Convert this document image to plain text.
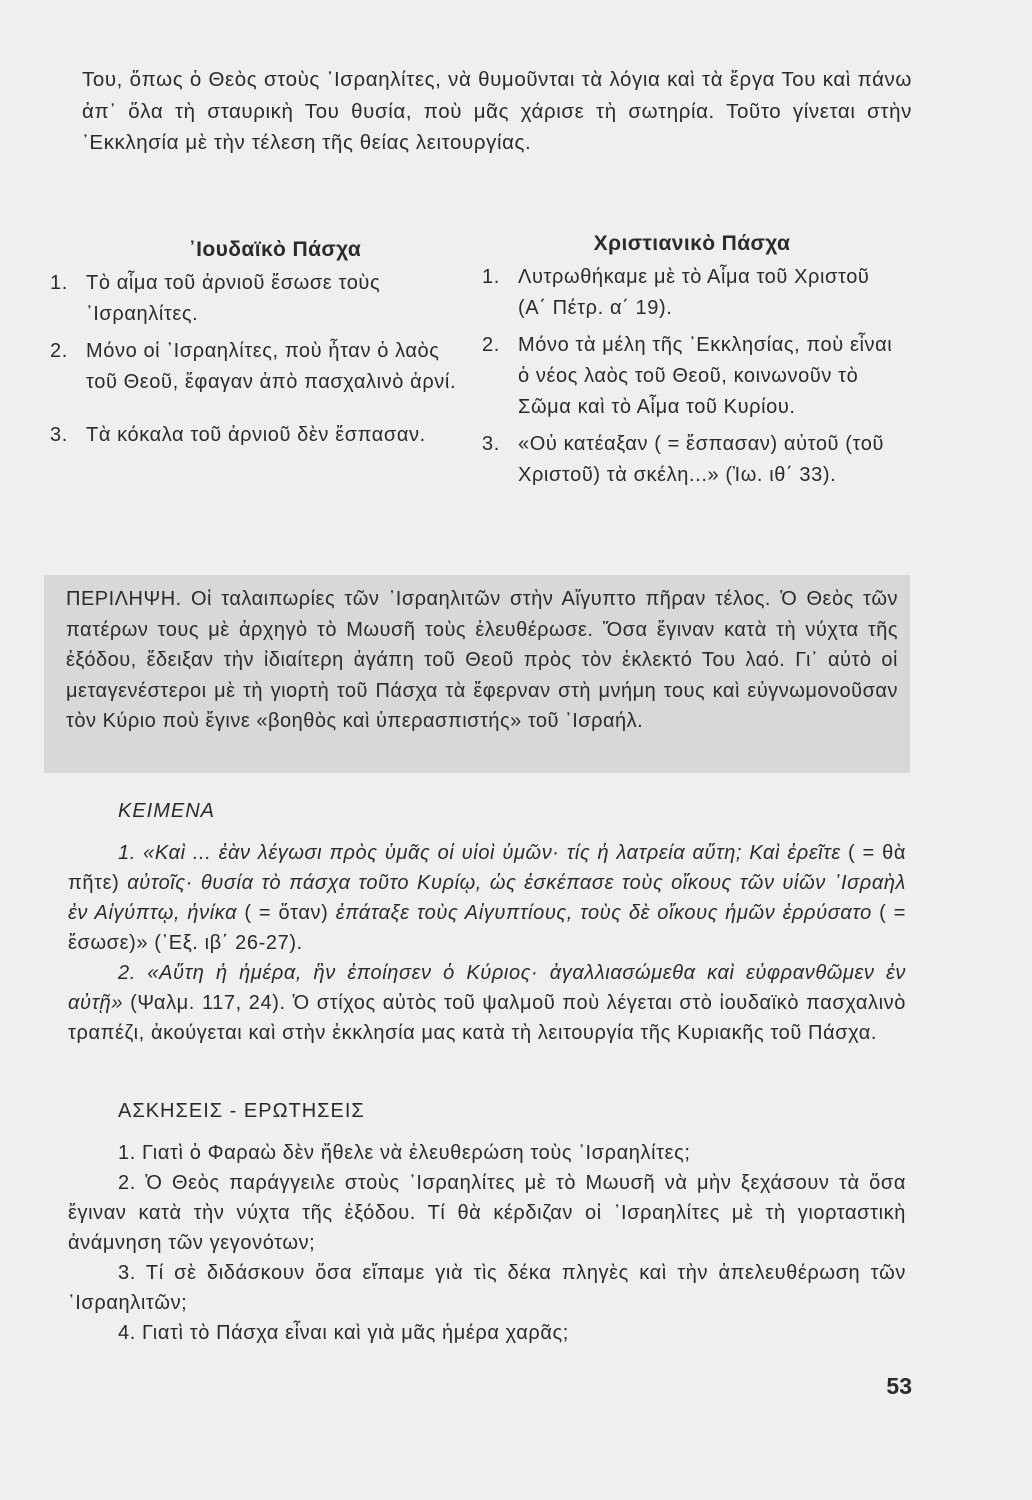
Του, ὅπως ὁ Θεὸς στοὺς ᾿Ισραηλίτες, νὰ θυμοῦνται τὰ λόγια καὶ τὰ ἔργα Του καὶ πάνω ἀπ᾿ ὅλα τὴ σταυρικὴ Του θυσία, ποὺ μᾶς χάρισε τὴ σωτηρία. Τοῦτο γίνεται στὴν ᾿Εκκλησία μὲ τὴν τέλεση τῆς θείας λειτουργίας.

᾿Ιουδαϊκὸ Πάσχα
1. Τὸ αἷμα τοῦ ἀρνιοῦ ἔσωσε τοὺς ᾿Ισραηλίτες.
2. Μόνο οἱ ᾿Ισραηλίτες, ποὺ ἦταν ὁ λαὸς τοῦ Θεοῦ, ἔφαγαν ἀπὸ πασχαλινὸ ἀρνί.
3. Τὰ κόκαλα τοῦ ἀρνιοῦ δὲν ἔσπασαν.
Χριστιανικὸ Πάσχα
1. Λυτρωθήκαμε μὲ τὸ Αἷμα τοῦ Χριστοῦ (Α΄ Πέτρ. α΄ 19).
2. Μόνο τὰ μέλη τῆς ᾿Εκκλησίας, ποὺ εἶναι ὁ νέος λαὸς τοῦ Θεοῦ, κοινωνοῦν τὸ Σῶμα καὶ τὸ Αἷμα τοῦ Κυρίου.
3. «Οὐ κατέαξαν ( = ἔσπασαν) αὐτοῦ (τοῦ Χριστοῦ) τὰ σκέλη...» (Ἰω. ιθ΄ 33).

ΠΕΡΙΛΗΨΗ. Οἱ ταλαιπωρίες τῶν ᾿Ισραηλιτῶν στὴν Αἴγυπτο πῆραν τέλος. Ὁ Θεὸς τῶν πατέρων τους μὲ ἀρχηγὸ τὸ Μωυσῆ τοὺς ἐλευθέρωσε. Ὅσα ἔγιναν κατὰ τὴ νύχτα τῆς ἐξόδου, ἔδειξαν τὴν ἰδιαίτερη ἀγάπη τοῦ Θεοῦ πρὸς τὸν ἐκλεκτό Του λαό. Γι᾿ αὐτὸ οἱ μεταγενέστεροι μὲ τὴ γιορτὴ τοῦ Πάσχα τὰ ἔφερναν στὴ μνήμη τους καὶ εὐγνωμονοῦσαν τὸν Κύριο ποὺ ἔγινε «βοηθὸς καὶ ὑπερασπιστής» τοῦ ᾿Ισραήλ.

ΚΕΙΜΕΝΑ

1. «Καὶ ... ἐὰν λέγωσι πρὸς ὑμᾶς οἱ υἱοὶ ὑμῶν· τίς ἡ λατρεία αὕτη; Καὶ ἐρεῖτε ( = θὰ πῆτε) αὐτοῖς· θυσία τὸ πάσχα τοῦτο Κυρίῳ, ὡς ἐσκέπασε τοὺς οἴκους τῶν υἱῶν ᾿Ισραὴλ ἐν Αἰγύπτῳ, ἡνίκα ( = ὅταν) ἐπάταξε τοὺς Αἰγυπτίους, τοὺς δὲ οἴκους ἡμῶν ἐρρύσατο ( = ἔσωσε)» (᾿Εξ. ιβ΄ 26-27).

2. «Αὕτη ἡ ἡμέρα, ἣν ἐποίησεν ὁ Κύριος· ἀγαλλιασώμεθα καὶ εὐφρανθῶμεν ἐν αὐτῇ» (Ψαλμ. 117, 24). Ὁ στίχος αὐτὸς τοῦ ψαλμοῦ ποὺ λέγεται στὸ ἰουδαϊκὸ πασχαλινὸ τραπέζι, ἀκούγεται καὶ στὴν ἐκκλησία μας κατὰ τὴ λειτουργία τῆς Κυριακῆς τοῦ Πάσχα.

ΑΣΚΗΣΕΙΣ - ΕΡΩΤΗΣΕΙΣ

1. Γιατὶ ὁ Φαραὼ δὲν ἤθελε νὰ ἐλευθερώση τοὺς ᾿Ισραηλίτες;

2. Ὁ Θεὸς παράγγειλε στοὺς ᾿Ισραηλίτες μὲ τὸ Μωυσῆ νὰ μὴν ξεχάσουν τὰ ὅσα ἔγιναν κατὰ τὴν νύχτα τῆς ἐξόδου. Τί θὰ κέρδιζαν οἱ ᾿Ισραηλίτες μὲ τὴ γιορταστικὴ ἀνάμνηση τῶν γεγονότων;

3. Τί σὲ διδάσκουν ὅσα εἴπαμε γιὰ τὶς δέκα πληγὲς καὶ τὴν ἀπελευθέρωση τῶν ᾿Ισραηλιτῶν;

4. Γιατὶ τὸ Πάσχα εἶναι καὶ γιὰ μᾶς ἡμέρα χαρᾶς;

53
